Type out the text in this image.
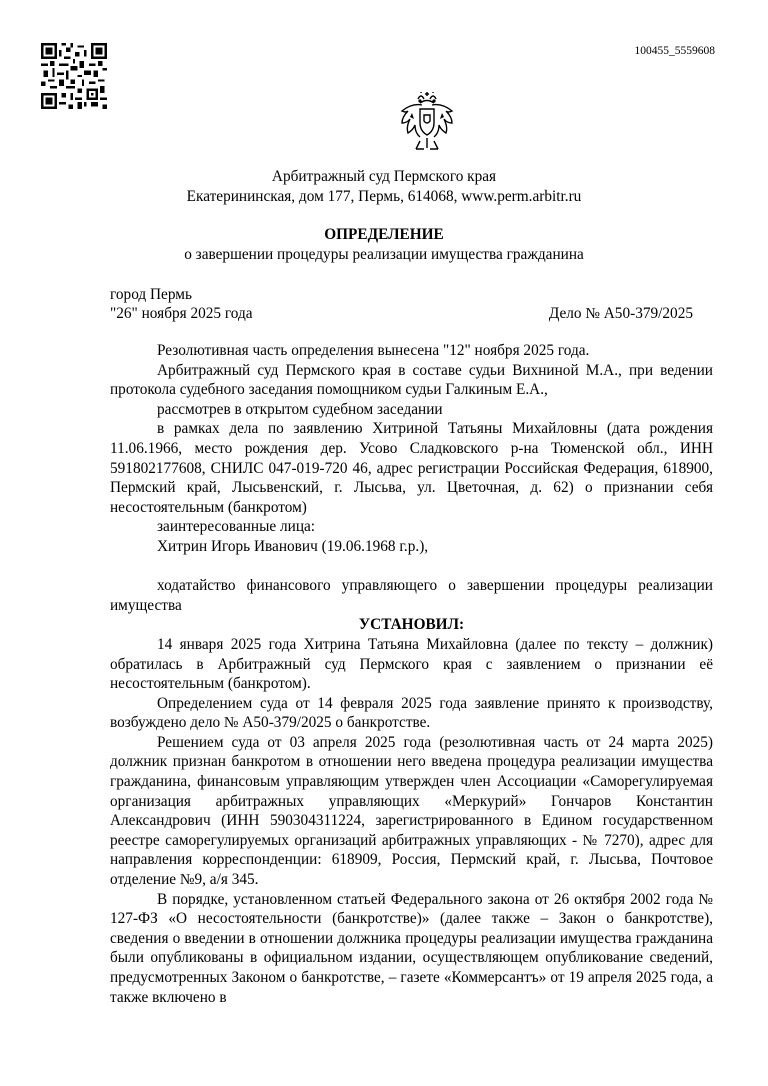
100455_5559608
Арбитражный суд Пермского края
Екатерининская, дом 177, Пермь, 614068, www.perm.arbitr.ru
ОПРЕДЕЛЕНИЕ
о завершении процедуры реализации имущества гражданина
город Пермь
"26" ноября 2025 года	Дело № А50-379/2025

Резолютивная часть определения вынесена "12" ноября 2025 года.

Арбитражный суд Пермского края в составе судьи Вихниной М.А., при ведении протокола судебного заседания помощником судьи Галкиным Е.А.,

рассмотрев в открытом судебном заседании

в рамках дела по заявлению Хитриной Татьяны Михайловны (дата рождения 11.06.1966, место рождения дер. Усово Сладковского р-на Тюменской обл., ИНН 591802177608, СНИЛС 047-019-720 46, адрес регистрации Российская Федерация, 618900, Пермский край, Лысьвенский, г. Лысьва, ул. Цветочная, д. 62) о признании себя несостоятельным (банкротом)

заинтересованные лица:

Хитрин Игорь Иванович (19.06.1968 г.р.),

ходатайство финансового управляющего о завершении процедуры реализации имущества

УСТАНОВИЛ:

14 января 2025 года Хитрина Татьяна Михайловна (далее по тексту – должник) обратилась в Арбитражный суд Пермского края с заявлением о признании её несостоятельным (банкротом).

Определением суда от 14 февраля 2025 года заявление принято к производству, возбуждено дело № А50-379/2025 о банкротстве.

Решением суда от 03 апреля 2025 года (резолютивная часть от 24 марта 2025) должник признан банкротом в отношении него введена процедура реализации имущества гражданина, финансовым управляющим утвержден член Ассоциации «Саморегулируемая организация арбитражных управляющих «Меркурий» Гончаров Константин Александрович (ИНН 590304311224, зарегистрированного в Едином государственном реестре саморегулируемых организаций арбитражных управляющих - № 7270), адрес для направления корреспонденции: 618909, Россия, Пермский край, г. Лысьва, Почтовое отделение №9, а/я 345.

В порядке, установленном статьей Федерального закона от 26 октября 2002 года № 127-ФЗ «О несостоятельности (банкротстве)» (далее также – Закон о банкротстве), сведения о введении в отношении должника процедуры реализации имущества гражданина были опубликованы в официальном издании, осуществляющем опубликование сведений, предусмотренных Законом о банкротстве, – газете «Коммерсантъ» от 19 апреля 2025 года, а также включено в
